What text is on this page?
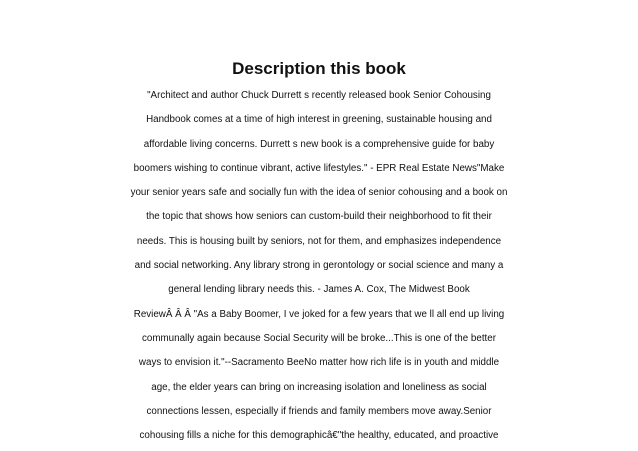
Description this book
"Architect and author Chuck Durrett s recently released book Senior Cohousing
Handbook comes at a time of high interest in greening, sustainable housing and
affordable living concerns. Durrett s new book is a comprehensive guide for baby
boomers wishing to continue vibrant, active lifestyles." - EPR Real Estate News"Make
your senior years safe and socially fun with the idea of senior cohousing and a book on
the topic that shows how seniors can custom-build their neighborhood to fit their
needs. This is housing built by seniors, not for them, and emphasizes independence
and social networking. Any library strong in gerontology or social science and many a
general lending library needs this. - James A. Cox, The Midwest Book
ReviewÂ Â Â "As a Baby Boomer, I ve joked for a few years that we ll all end up living
communally again because Social Security will be broke...This is one of the better
ways to envision it."--Sacramento BeeNo matter how rich life is in youth and middle
age, the elder years can bring on increasing isolation and loneliness as social
connections lessen, especially if friends and family members move away.Senior
cohousing fills a niche for this demographicâ€"the healthy, educated, and proactive
